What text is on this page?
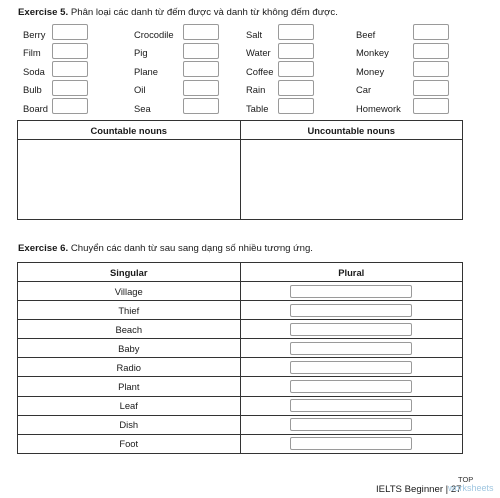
Exercise 5. Phân loại các danh từ đếm được và danh từ không đếm được.
Berry
Film
Soda
Bulb
Board
Crocodile
Pig
Plane
Oil
Sea
Salt
Water
Coffee
Rain
Table
Beef
Monkey
Money
Car
Homework
Countable nouns	Uncountable nouns

Exercise 6. Chuyển các danh từ sau sang dạng số nhiều tương ứng.
Singular	Plural
Village	

Thief	

Beach	

Baby	

Radio	

Plant	

Leaf	

Dish	

Foot	
IELTS Beginner | 27
TOP
worksheets
